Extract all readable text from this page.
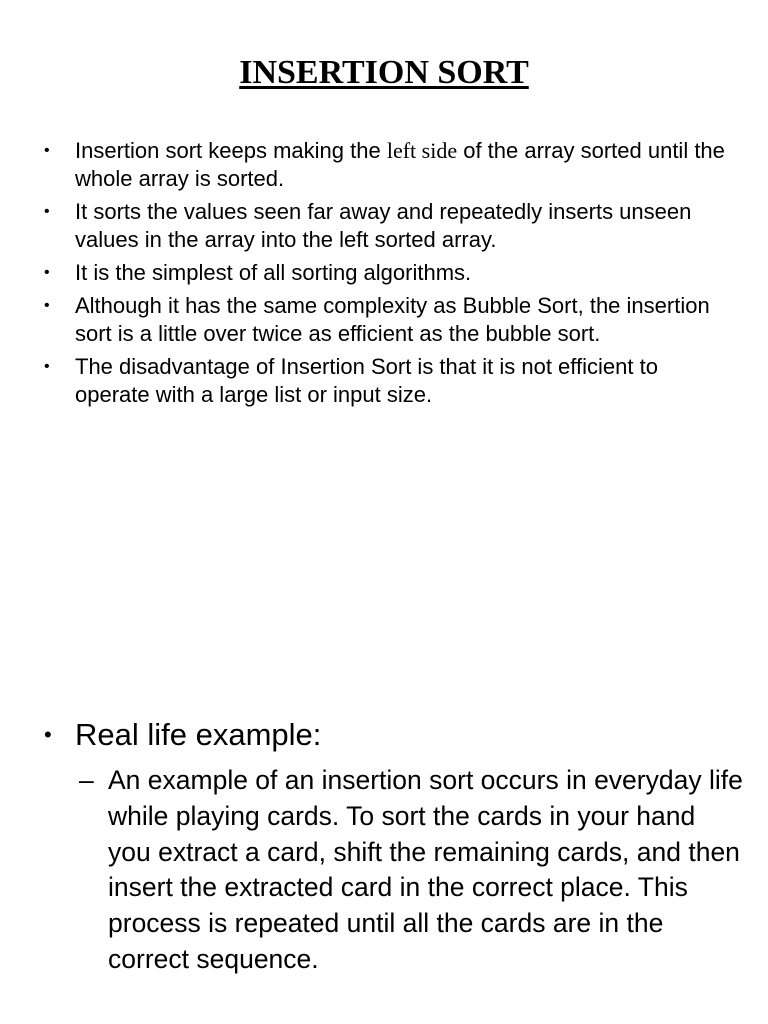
INSERTION SORT
• Insertion sort keeps making the left side of the array sorted until the whole array is sorted.
• It sorts the values seen far away and repeatedly inserts unseen values in the array into the left sorted array.
• It is the simplest of all sorting algorithms.
• Although it has the same complexity as Bubble Sort, the insertion sort is a little over twice as efficient as the bubble sort.
• The disadvantage of Insertion Sort is that it is not efficient to operate with a large list or input size.
• Real life example:
– An example of an insertion sort occurs in everyday life while playing cards. To sort the cards in your hand you extract a card, shift the remaining cards, and then insert the extracted card in the correct place. This process is repeated until all the cards are in the correct sequence.
